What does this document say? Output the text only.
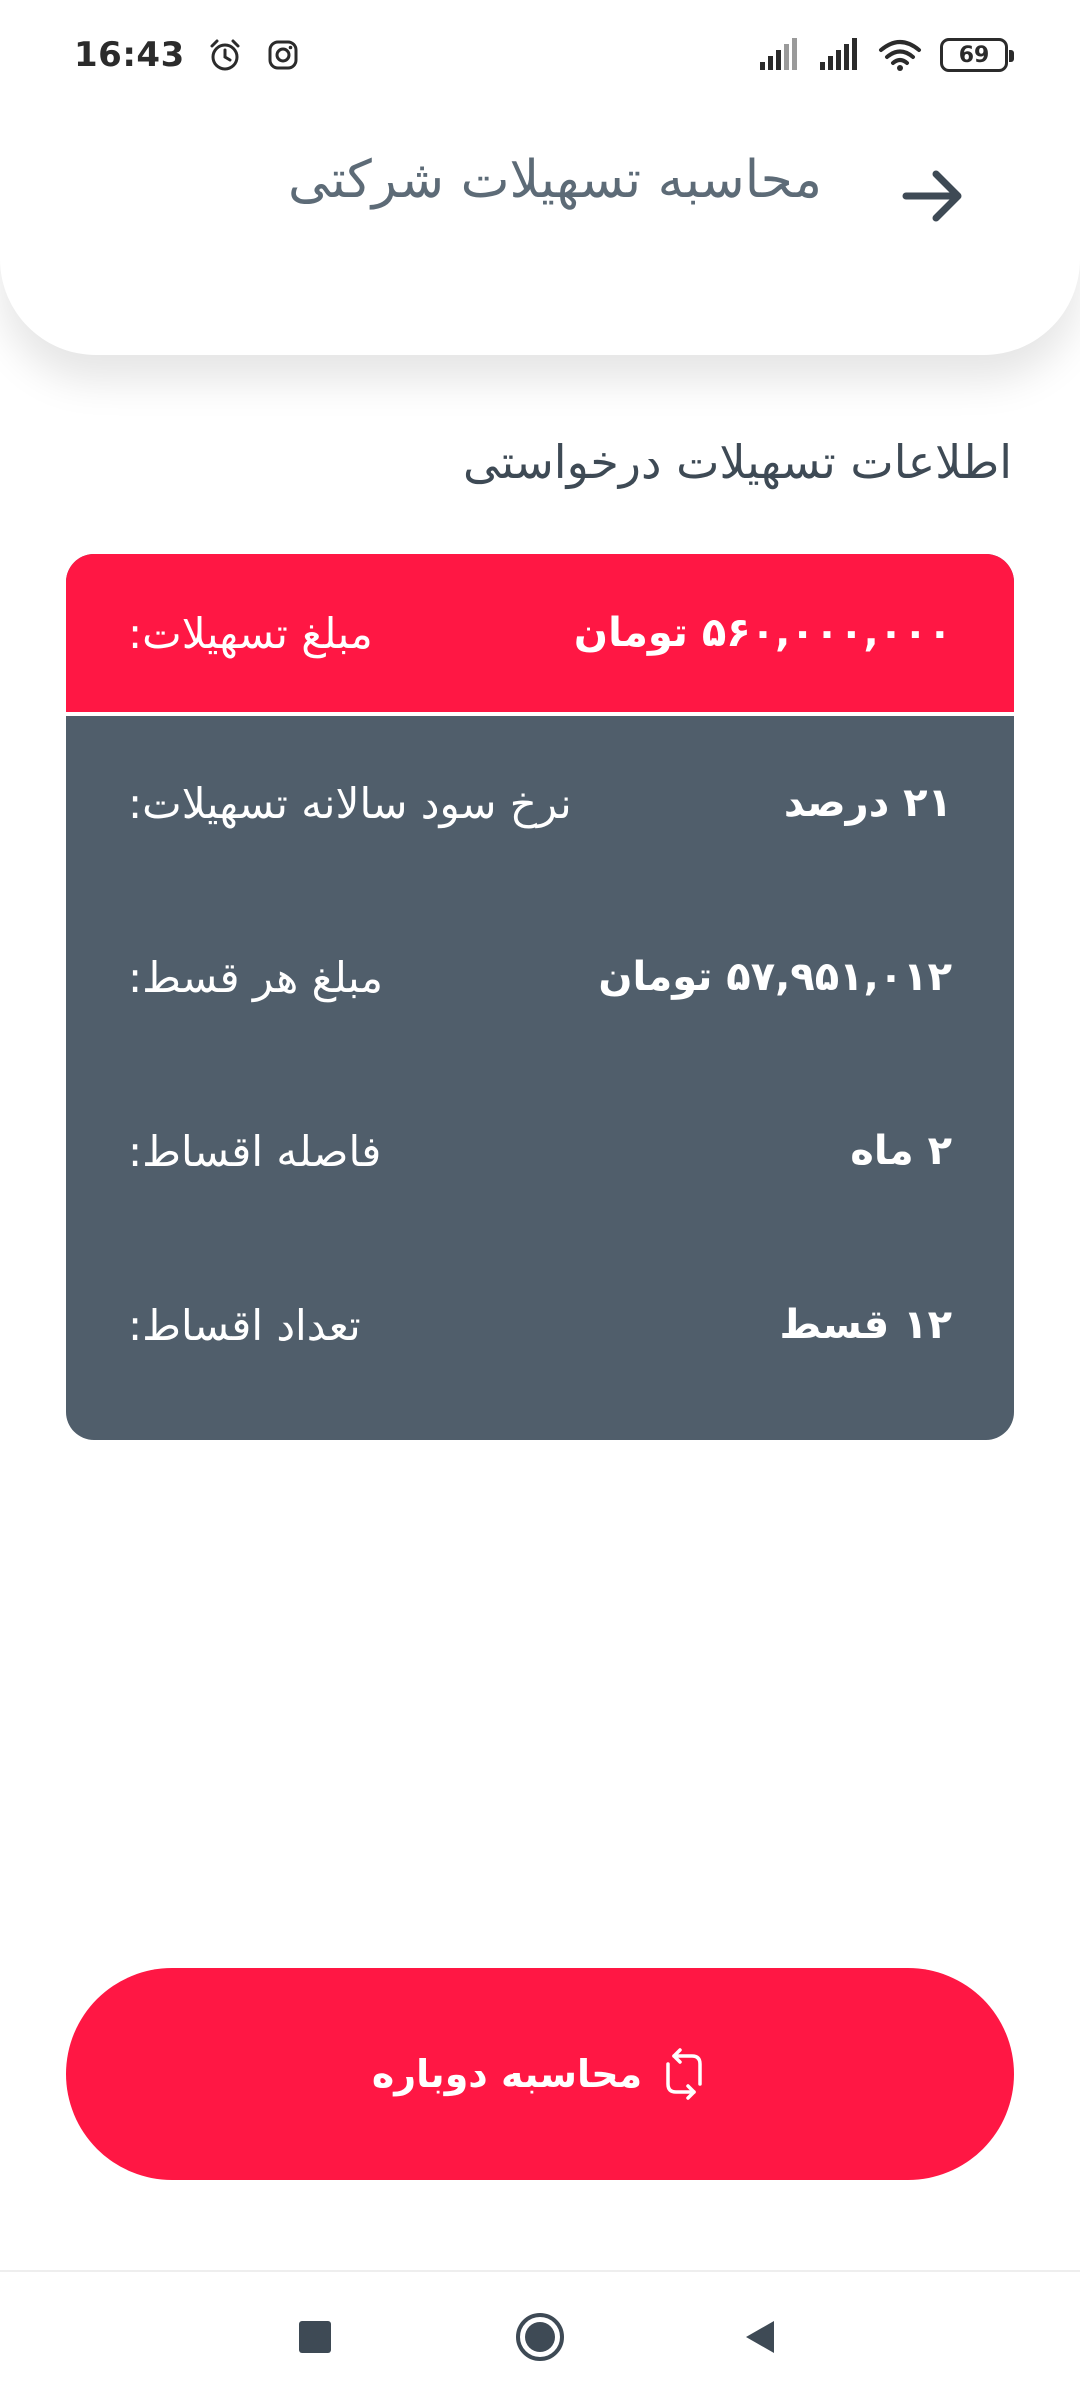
محاسبه تسهیلات شرکتی
16:43	69
اطلاعات تسهیلات درخواستی
مبلغ تسهیلات:	۵۶۰,۰۰۰,۰۰۰ تومان
نرخ سود سالانه تسهیلات:	۲۱ درصد
مبلغ هر قسط:	۵۷,۹۵۱,۰۱۲ تومان
فاصله اقساط:	۲ ماه
تعداد اقساط:	۱۲ قسط
محاسبه دوباره
